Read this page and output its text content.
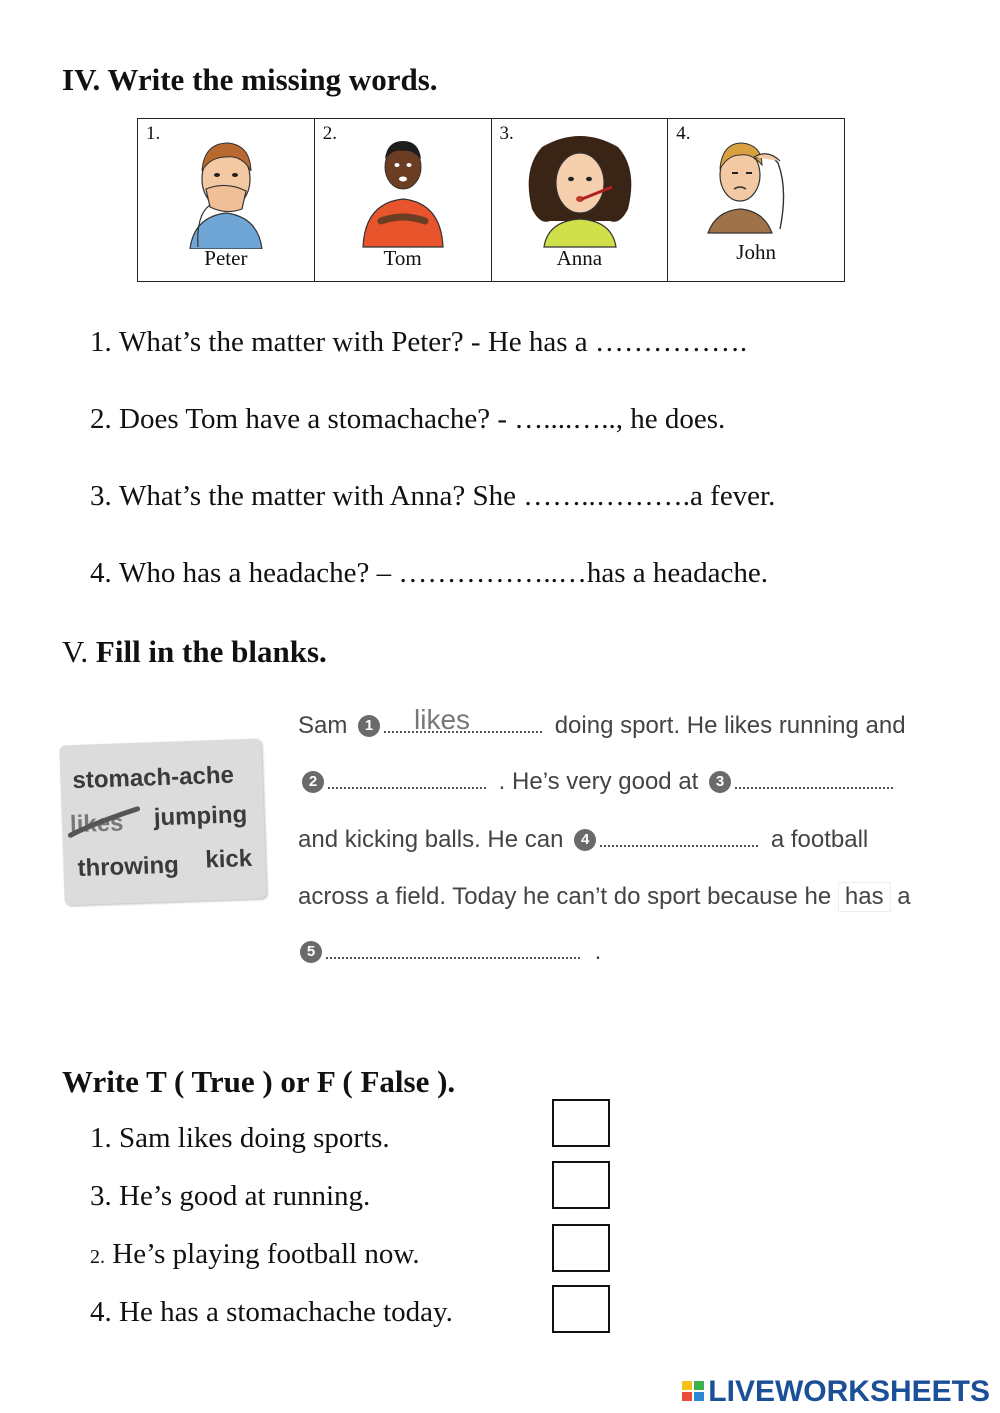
IV. Write the missing words.
1.
Peter
2.
Tom
3.
Anna
4.
John
1. What’s the matter with Peter? - He has a …………….
2. Does Tom have a stomachache? - …....….., he does.
3. What’s the matter with Anna? She ……..……….a fever.
4. Who has a headache? – ……………..…has a headache.
V. Fill in the blanks.
stomach-ache
likes jumping
throwing kick
Sam 1	doing sport. He likes running and
likes
2	. He’s very good at 3
and kicking balls. He can 4	a football
across a field. Today he can’t do sport because he has a
5	.
Write T ( True ) or F ( False ).
1. Sam likes doing sports.
3. He’s good at running.
2. He’s playing football now.
4. He has a stomachache today.
LIVEWORKSHEETS
